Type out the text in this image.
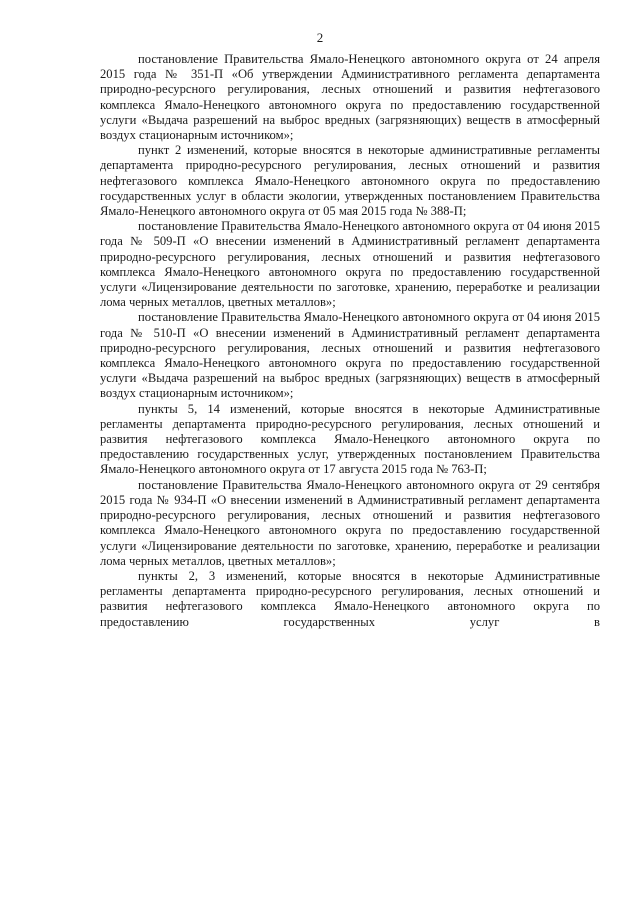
2

постановление Правительства Ямало-Ненецкого автономного округа от 24 апреля 2015 года № 351-П «Об утверждении Административного регламента департамента природно-ресурсного регулирования, лесных отношений и развития нефтегазового комплекса Ямало-Ненецкого автономного округа по предоставлению государственной услуги «Выдача разрешений на выброс вредных (загрязняющих) веществ в атмосферный воздух стационарным источником»;

пункт 2 изменений, которые вносятся в некоторые административные регламенты департамента природно-ресурсного регулирования, лесных отношений и развития нефтегазового комплекса Ямало-Ненецкого автономного округа по предоставлению государственных услуг в области экологии, утвержденных постановлением Правительства Ямало-Ненецкого автономного округа от 05 мая 2015 года № 388-П;

постановление Правительства Ямало-Ненецкого автономного округа от 04 июня 2015 года № 509-П «О внесении изменений в Административный регламент департамента природно-ресурсного регулирования, лесных отношений и развития нефтегазового комплекса Ямало-Ненецкого автономного округа по предоставлению государственной услуги «Лицензирование деятельности по заготовке, хранению, переработке и реализации лома черных металлов, цветных металлов»;

постановление Правительства Ямало-Ненецкого автономного округа от 04 июня 2015 года № 510-П «О внесении изменений в Административный регламент департамента природно-ресурсного регулирования, лесных отношений и развития нефтегазового комплекса Ямало-Ненецкого автономного округа по предоставлению государственной услуги «Выдача разрешений на выброс вредных (загрязняющих) веществ в атмосферный воздух стационарным источником»;

пункты 5, 14 изменений, которые вносятся в некоторые Административные регламенты департамента природно-ресурсного регулирования, лесных отношений и развития нефтегазового комплекса Ямало-Ненецкого автономного округа по предоставлению государственных услуг, утвержденных постановлением Правительства Ямало-Ненецкого автономного округа от 17 августа 2015 года № 763-П;

постановление Правительства Ямало-Ненецкого автономного округа от 29 сентября 2015 года № 934-П «О внесении изменений в Административный регламент департамента природно-ресурсного регулирования, лесных отношений и развития нефтегазового комплекса Ямало-Ненецкого автономного округа по предоставлению государственной услуги «Лицензирование деятельности по заготовке, хранению, переработке и реализации лома черных металлов, цветных металлов»;

пункты 2, 3 изменений, которые вносятся в некоторые Административные регламенты департамента природно-ресурсного регулирования, лесных отношений и развития нефтегазового комплекса Ямало-Ненецкого автономного округа по предоставлению государственных услуг в
